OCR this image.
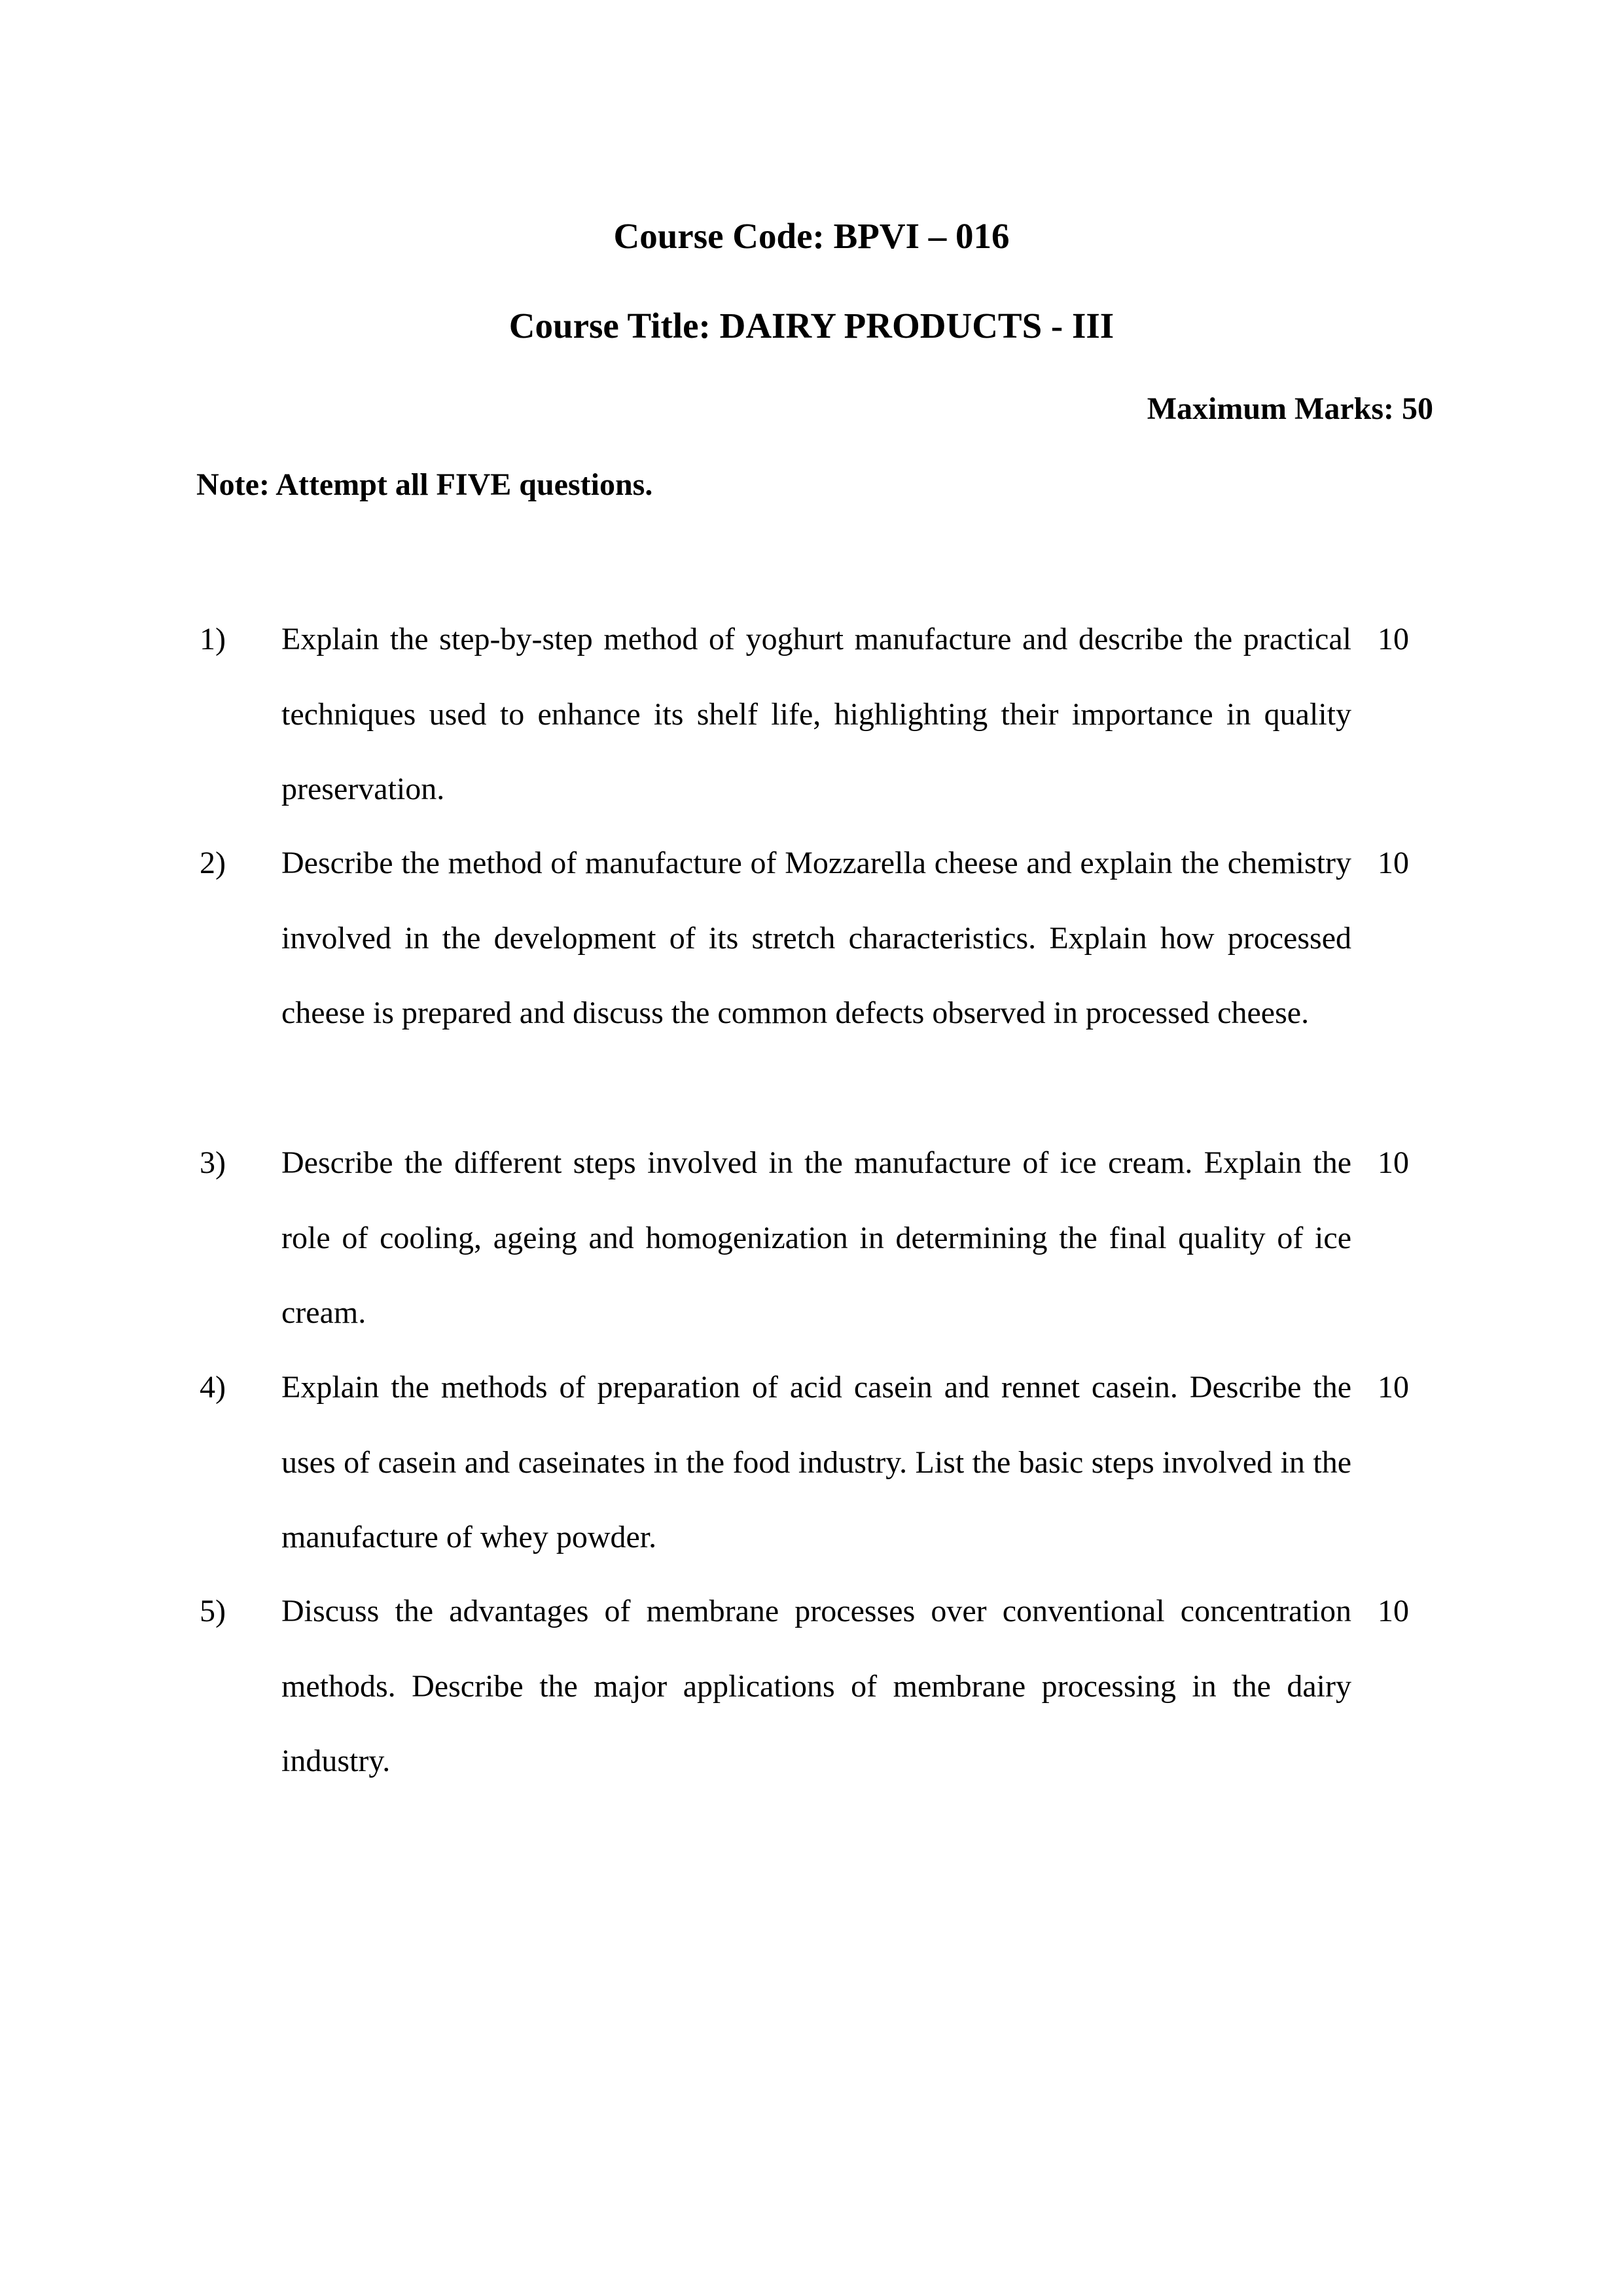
Course Code: BPVI – 016
Course Title: DAIRY PRODUCTS - III
Maximum Marks: 50
Note: Attempt all FIVE questions.
1) Explain the step-by-step method of yoghurt manufacture and describe the practical techniques used to enhance its shelf life, highlighting their importance in quality preservation.
10
2) Describe the method of manufacture of Mozzarella cheese and explain the chemistry involved in the development of its stretch characteristics. Explain how processed cheese is prepared and discuss the common defects observed in processed cheese.
10
3) Describe the different steps involved in the manufacture of ice cream. Explain the role of cooling, ageing and homogenization in determining the final quality of ice cream.
10
4) Explain the methods of preparation of acid casein and rennet casein. Describe the uses of casein and caseinates in the food industry. List the basic steps involved in the manufacture of whey powder.
10
5) Discuss the advantages of membrane processes over conventional concentration methods. Describe the major applications of membrane processing in the dairy industry.
10
